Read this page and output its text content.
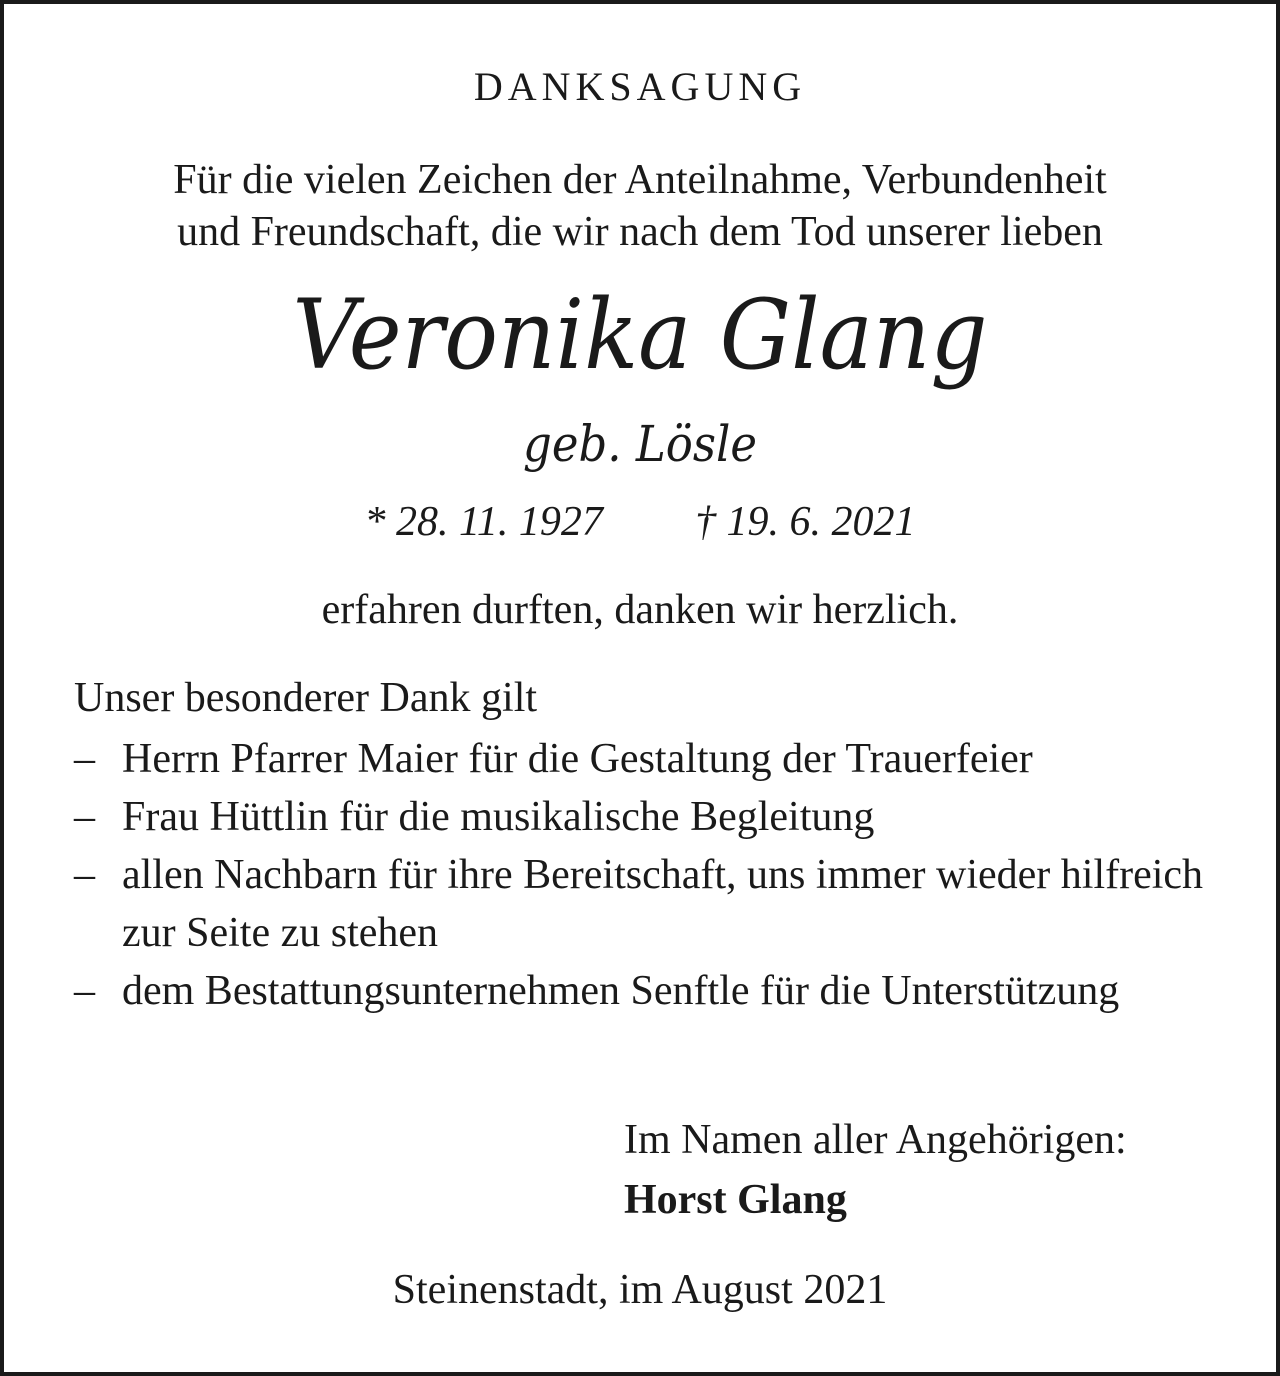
DANKSAGUNG
Für die vielen Zeichen der Anteilnahme, Verbundenheit
und Freundschaft, die wir nach dem Tod unserer lieben
Veronika Glang
geb. Lösle
* 28. 11. 1927 † 19. 6. 2021
erfahren durften, danken wir herzlich.
Unser besonderer Dank gilt
– Herrn Pfarrer Maier für die Gestaltung der Trauerfeier
– Frau Hüttlin für die musikalische Begleitung
– allen Nachbarn für ihre Bereitschaft, uns immer wieder hilfreich zur Seite zu stehen
– dem Bestattungsunternehmen Senftle für die Unterstützung
Im Namen aller Angehörigen:
Horst Glang
Steinenstadt, im August 2021
